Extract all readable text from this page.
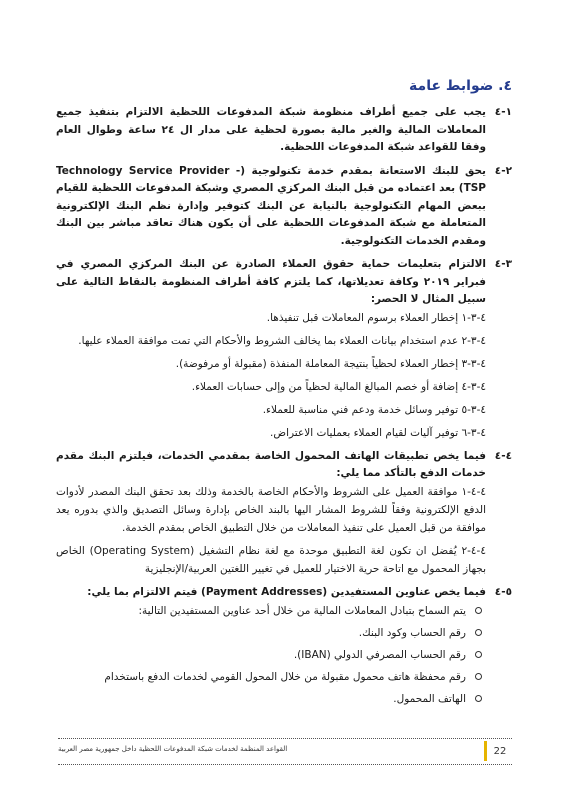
٤. ضوابط عامة
١-٤
يجب على جميع أطراف منظومة شبكة المدفوعات اللحظية الالتزام بتنفيذ جميع المعاملات المالية والغير مالية بصورة لحظية على مدار ال ٢٤ ساعة وطوال العام وفقا للقواعد شبكة المدفوعات اللحظية.
٢-٤
يحق للبنك الاستعانة بمقدم خدمة تكنولوجية (- Technology Service Provider TSP) بعد اعتماده من قبل البنك المركزي المصري وشبكة المدفوعات اللحظية للقيام ببعض المهام التكنولوجية بالنيابة عن البنك كتوفير وإدارة نظم البنك الإلكترونية المتعاملة مع شبكة المدفوعات اللحظية على أن يكون هناك تعاقد مباشر بين البنك ومقدم الخدمات التكنولوجية.
٣-٤
الالتزام بتعليمات حماية حقوق العملاء الصادرة عن البنك المركزي المصري في فبراير ٢٠١٩ وكافة تعديلاتها، كما يلتزم كافة أطراف المنظومة بالنقاط التالية على سبيل المثال لا الحصر:
٤-٣-١ إخطار العملاء برسوم المعاملات قبل تنفيذها.
٤-٣-٢ عدم استخدام بيانات العملاء بما يخالف الشروط والأحكام التي تمت موافقة العملاء عليها.
٤-٣-٣ إخطار العملاء لحظياً بنتيجة المعاملة المنفذة (مقبولة أو مرفوضة).
٤-٣-٤ إضافة أو خصم المبالغ المالية لحظياً من وإلى حسابات العملاء.
٤-٣-٥ توفير وسائل خدمة ودعم فني مناسبة للعملاء.
٤-٣-٦ توفير آليات لقيام العملاء بعمليات الاعتراض.
٤-٤
فيما يخص تطبيقات الهاتف المحمول الخاصة بمقدمي الخدمات، فيلتزم البنك مقدم خدمات الدفع بالتأكد مما يلي:
٤-٤-١ موافقة العميل على الشروط والأحكام الخاصة بالخدمة وذلك بعد تحقق البنك المصدر لأدوات الدفع الإلكترونية وفقاً للشروط المشار اليها بالبند الخاص بإدارة وسائل التصديق والذي بدوره يعد موافقة من قبل العميل على تنفيذ المعاملات من خلال التطبيق الخاص بمقدم الخدمة.
٤-٤-٢ يُفضل ان تكون لغة التطبيق موحدة مع لغة نظام التشغيل (Operating System) الخاص بجهاز المحمول مع اتاحة حرية الاختيار للعميل في تغيير اللغتين العربية/الإنجليزية
٥-٤
فيما يخص عناوين المستفيدين (Payment Addresses) فيتم الالتزام بما يلي:
يتم السماح بتبادل المعاملات المالية من خلال أحد عناوين المستفيدين التالية:
رقم الحساب وكود البنك.
رقم الحساب المصرفي الدولي (IBAN).
رقم محفظة هاتف محمول مقبولة من خلال المحول القومي لخدمات الدفع باستخدام
الهاتف المحمول.
القواعد المنظمة لخدمات شبكة المدفوعات اللحظية داخل جمهورية مصر العربية	22
